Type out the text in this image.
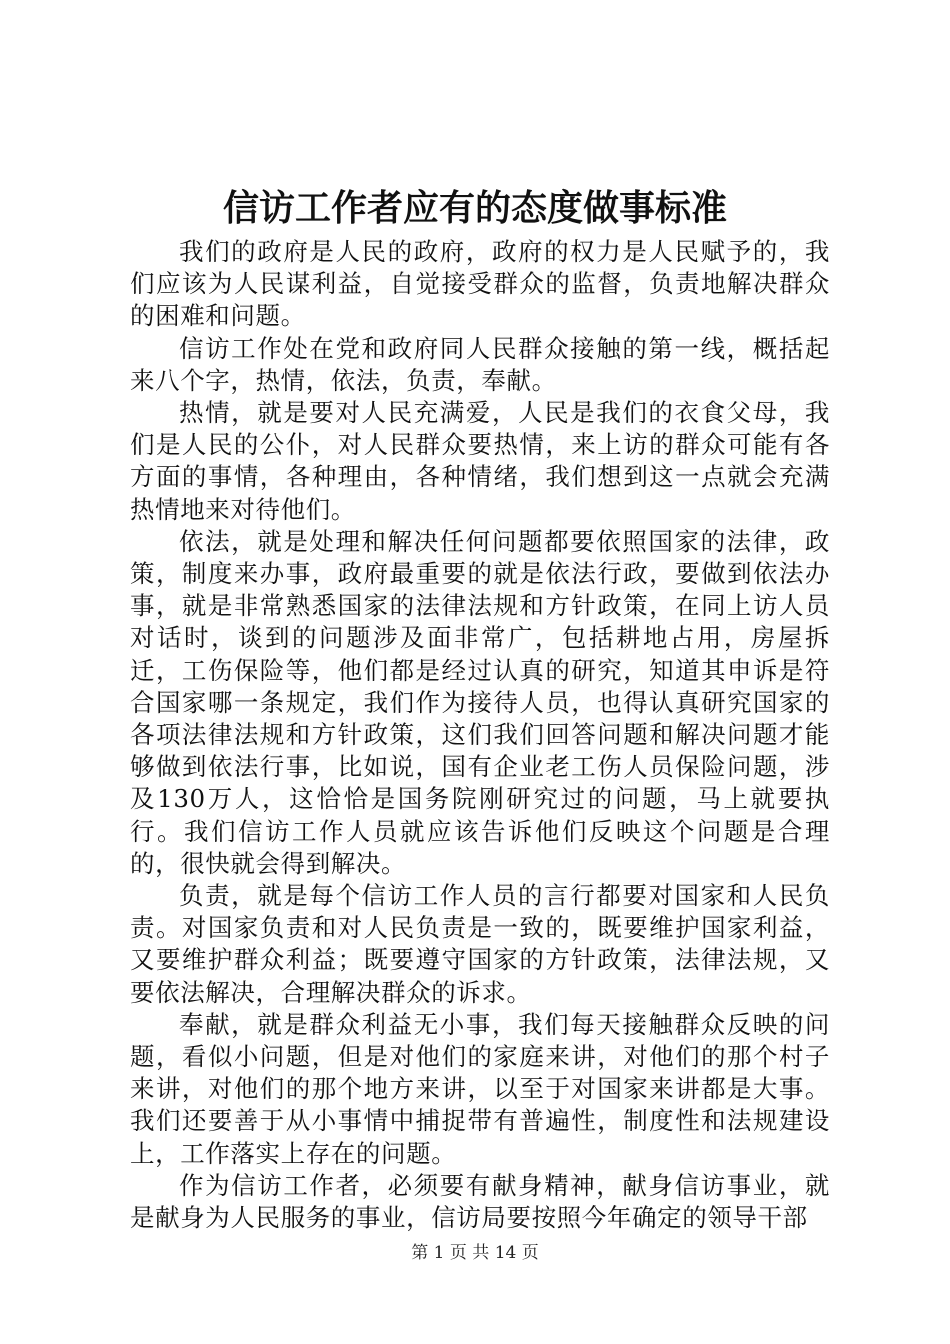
信访工作者应有的态度做事标准

我们的政府是人民的政府，政府的权力是人民赋予的，我们应该为人民谋利益，自觉接受群众的监督，负责地解决群众的困难和问题。

信访工作处在党和政府同人民群众接触的第一线，概括起来八个字，热情，依法，负责，奉献。

热情，就是要对人民充满爱，人民是我们的衣食父母，我们是人民的公仆，对人民群众要热情，来上访的群众可能有各方面的事情，各种理由，各种情绪，我们想到这一点就会充满热情地来对待他们。

依法，就是处理和解决任何问题都要依照国家的法律，政策，制度来办事，政府最重要的就是依法行政，要做到依法办事，就是非常熟悉国家的法律法规和方针政策，在同上访人员对话时，谈到的问题涉及面非常广，包括耕地占用，房屋拆迁，工伤保险等，他们都是经过认真的研究，知道其申诉是符合国家哪一条规定，我们作为接待人员，也得认真研究国家的各项法律法规和方针政策，这们我们回答问题和解决问题才能够做到依法行事，比如说，国有企业老工伤人员保险问题，涉及130万人，这恰恰是国务院刚研究过的问题，马上就要执行。我们信访工作人员就应该告诉他们反映这个问题是合理的，很快就会得到解决。

负责，就是每个信访工作人员的言行都要对国家和人民负责。对国家负责和对人民负责是一致的，既要维护国家利益，又要维护群众利益；既要遵守国家的方针政策，法律法规，又要依法解决，合理解决群众的诉求。

奉献，就是群众利益无小事，我们每天接触群众反映的问题，看似小问题，但是对他们的家庭来讲，对他们的那个村子来讲，对他们的那个地方来讲，以至于对国家来讲都是大事。我们还要善于从小事情中捕捉带有普遍性，制度性和法规建设上，工作落实上存在的问题。

作为信访工作者，必须要有献身精神，献身信访事业，就是献身为人民服务的事业，信访局要按照今年确定的领导干部

第 1 页 共 14 页
